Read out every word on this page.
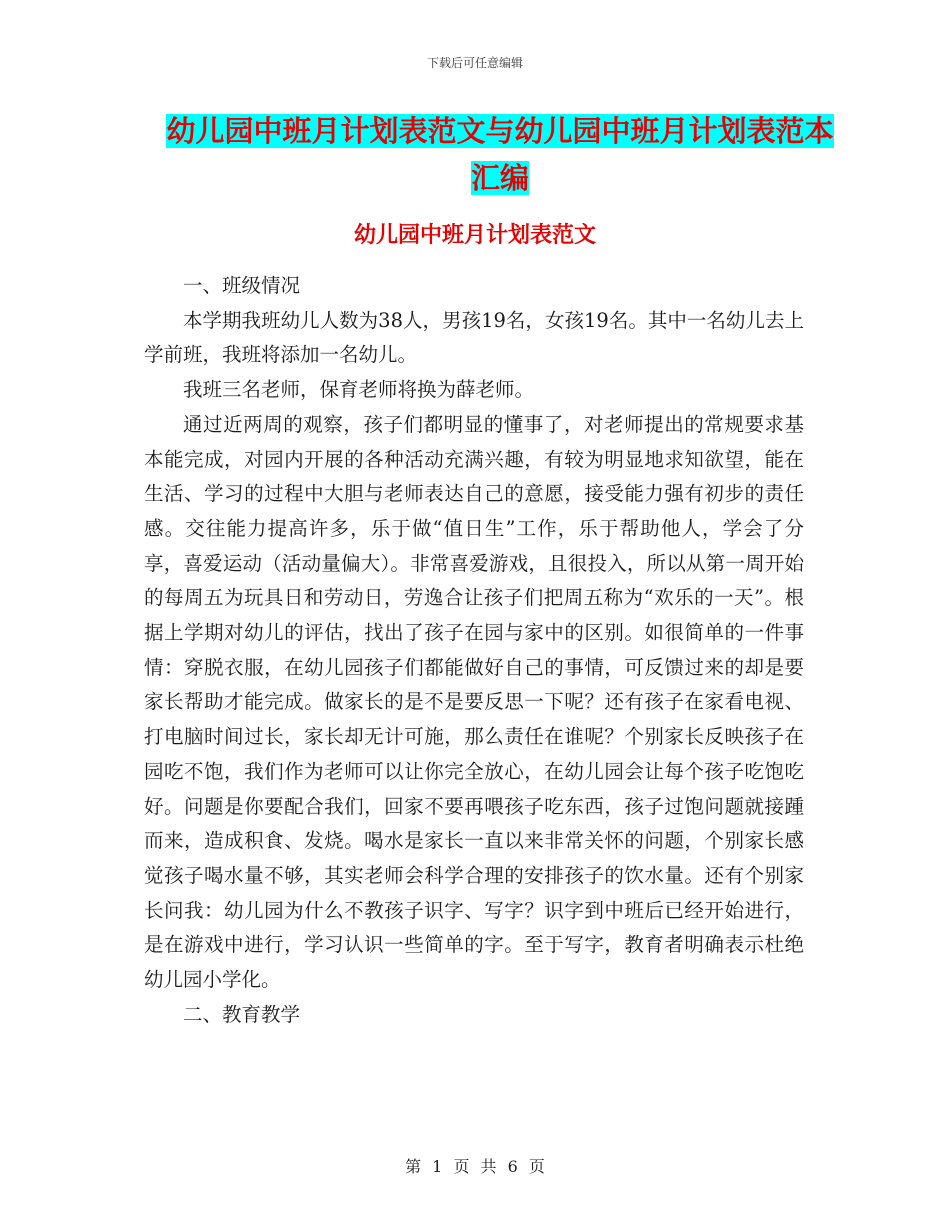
下载后可任意编辑
幼儿园中班月计划表范文与幼儿园中班月计划表范本
汇编
幼儿园中班月计划表范文

一、班级情况

本学期我班幼儿人数为38人，男孩19名，女孩19名。其中一名幼儿去上学前班，我班将添加一名幼儿。

我班三名老师，保育老师将换为薛老师。

通过近两周的观察，孩子们都明显的懂事了，对老师提出的常规要求基本能完成，对园内开展的各种活动充满兴趣，有较为明显地求知欲望，能在生活、学习的过程中大胆与老师表达自己的意愿，接受能力强有初步的责任感。交往能力提高许多，乐于做“值日生”工作，乐于帮助他人，学会了分享，喜爱运动（活动量偏大）。非常喜爱游戏，且很投入，所以从第一周开始的每周五为玩具日和劳动日，劳逸合让孩子们把周五称为“欢乐的一天”。根据上学期对幼儿的评估，找出了孩子在园与家中的区别。如很简单的一件事情：穿脱衣服，在幼儿园孩子们都能做好自己的事情，可反馈过来的却是要家长帮助才能完成。做家长的是不是要反思一下呢？还有孩子在家看电视、打电脑时间过长，家长却无计可施，那么责任在谁呢？个别家长反映孩子在园吃不饱，我们作为老师可以让你完全放心，在幼儿园会让每个孩子吃饱吃好。问题是你要配合我们，回家不要再喂孩子吃东西，孩子过饱问题就接踵而来，造成积食、发烧。喝水是家长一直以来非常关怀的问题，个别家长感觉孩子喝水量不够，其实老师会科学合理的安排孩子的饮水量。还有个别家长问我：幼儿园为什么不教孩子识字、写字？识字到中班后已经开始进行，是在游戏中进行，学习认识一些简单的字。至于写字，教育者明确表示杜绝幼儿园小学化。

二、教育教学

第 1 页 共 6 页
